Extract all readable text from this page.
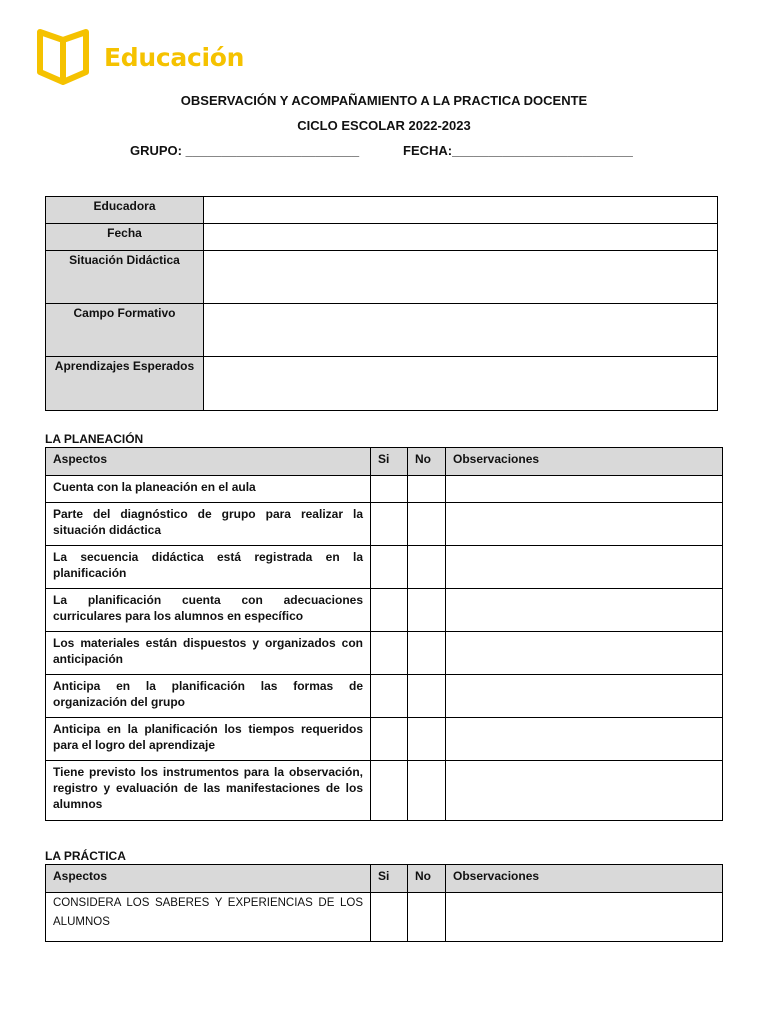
Educación
OBSERVACIÓN Y ACOMPAÑAMIENTO A LA PRACTICA DOCENTE
CICLO ESCOLAR 2022-2023
GRUPO: ________________________	FECHA:_________________________
Educadora	
Fecha	
Situación Didáctica	
Campo Formativo	
Aprendizajes Esperados	
LA PLANEACIÓN
Aspectos	Si	No	Observaciones
Cuenta con la planeación en el aula			
Parte del diagnóstico de grupo para realizar la situación didáctica			
La secuencia didáctica está registrada en la planificación			
La planificación cuenta con adecuaciones curriculares para los alumnos en específico			
Los materiales están dispuestos y organizados con anticipación			
Anticipa en la planificación las formas de organización del grupo			
Anticipa en la planificación los tiempos requeridos para el logro del aprendizaje			
Tiene previsto los instrumentos para la observación, registro y evaluación de las manifestaciones de los alumnos			
LA PRÁCTICA
Aspectos	Si	No	Observaciones
CONSIDERA LOS SABERES Y EXPERIENCIAS DE LOS ALUMNOS			
